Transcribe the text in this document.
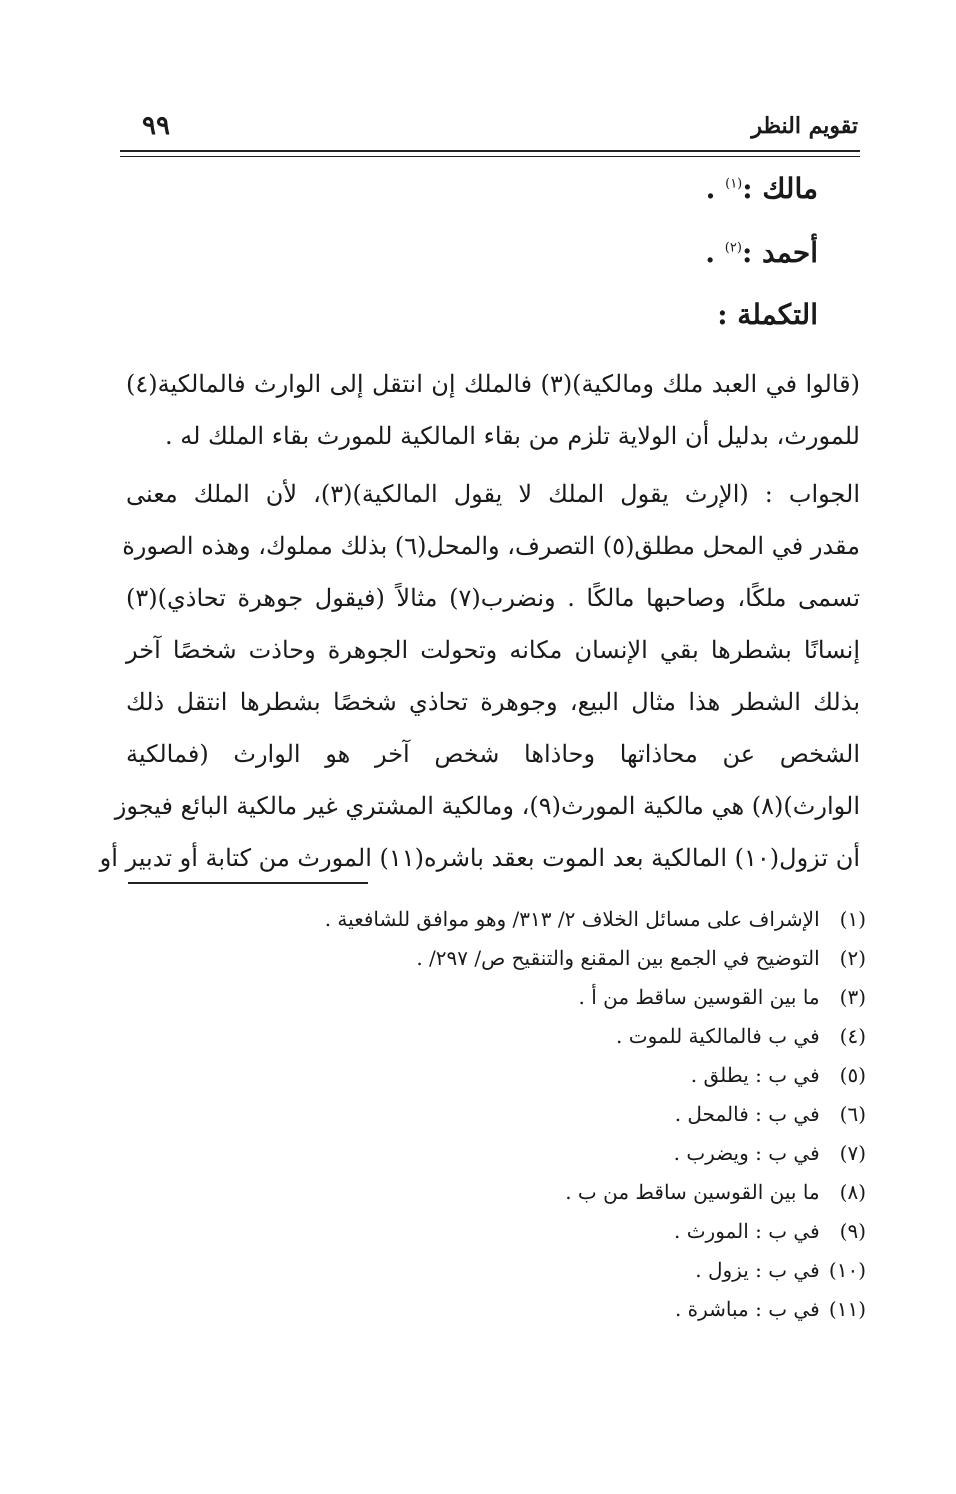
تقويم النظر
٩٩
مالك :$^{(١)}$ .
أحمد :$^{(٢)}$ .
التكملة :
(قالوا في العبد ملك ومالكية)(٣) فالملك إن انتقل إلى الوارث فالمالكية(٤)
للمورث، بدليل أن الولاية تلزم من بقاء المالكية للمورث بقاء الملك له .
الجواب : (الإرث يقول الملك لا يقول المالكية)(٣)، لأن الملك معنى
مقدر في المحل مطلق(٥) التصرف، والمحل(٦) بذلك مملوك، وهذه الصورة
تسمى ملكًا، وصاحبها مالكًا . ونضرب(٧) مثالاً (فيقول جوهرة تحاذي)(٣)
إنسانًا بشطرها بقي الإنسان مكانه وتحولت الجوهرة وحاذت شخصًا آخر
بذلك الشطر هذا مثال البيع، وجوهرة تحاذي شخصًا بشطرها انتقل ذلك
الشخص عن محاذاتها وحاذاها شخص آخر هو الوارث (فمالكية
الوارث)(٨) هي مالكية المورث(٩)، ومالكية المشتري غير مالكية البائع فيجوز
أن تزول(١٠) المالكية بعد الموت بعقد باشره(١١) المورث من كتابة أو تدبير أو
(١) الإشراف على مسائل الخلاف ٢/ ٣١٣/ وهو موافق للشافعية .
(٢) التوضيح في الجمع بين المقنع والتنقيح ص/ ٢٩٧/ .
(٣) ما بين القوسين ساقط من أ .
(٤) في ب فالمالكية للموت .
(٥) في ب : يطلق .
(٦) في ب : فالمحل .
(٧) في ب : ويضرب .
(٨) ما بين القوسين ساقط من ب .
(٩) في ب : المورث .
(١٠) في ب : يزول .
(١١) في ب : مباشرة .
